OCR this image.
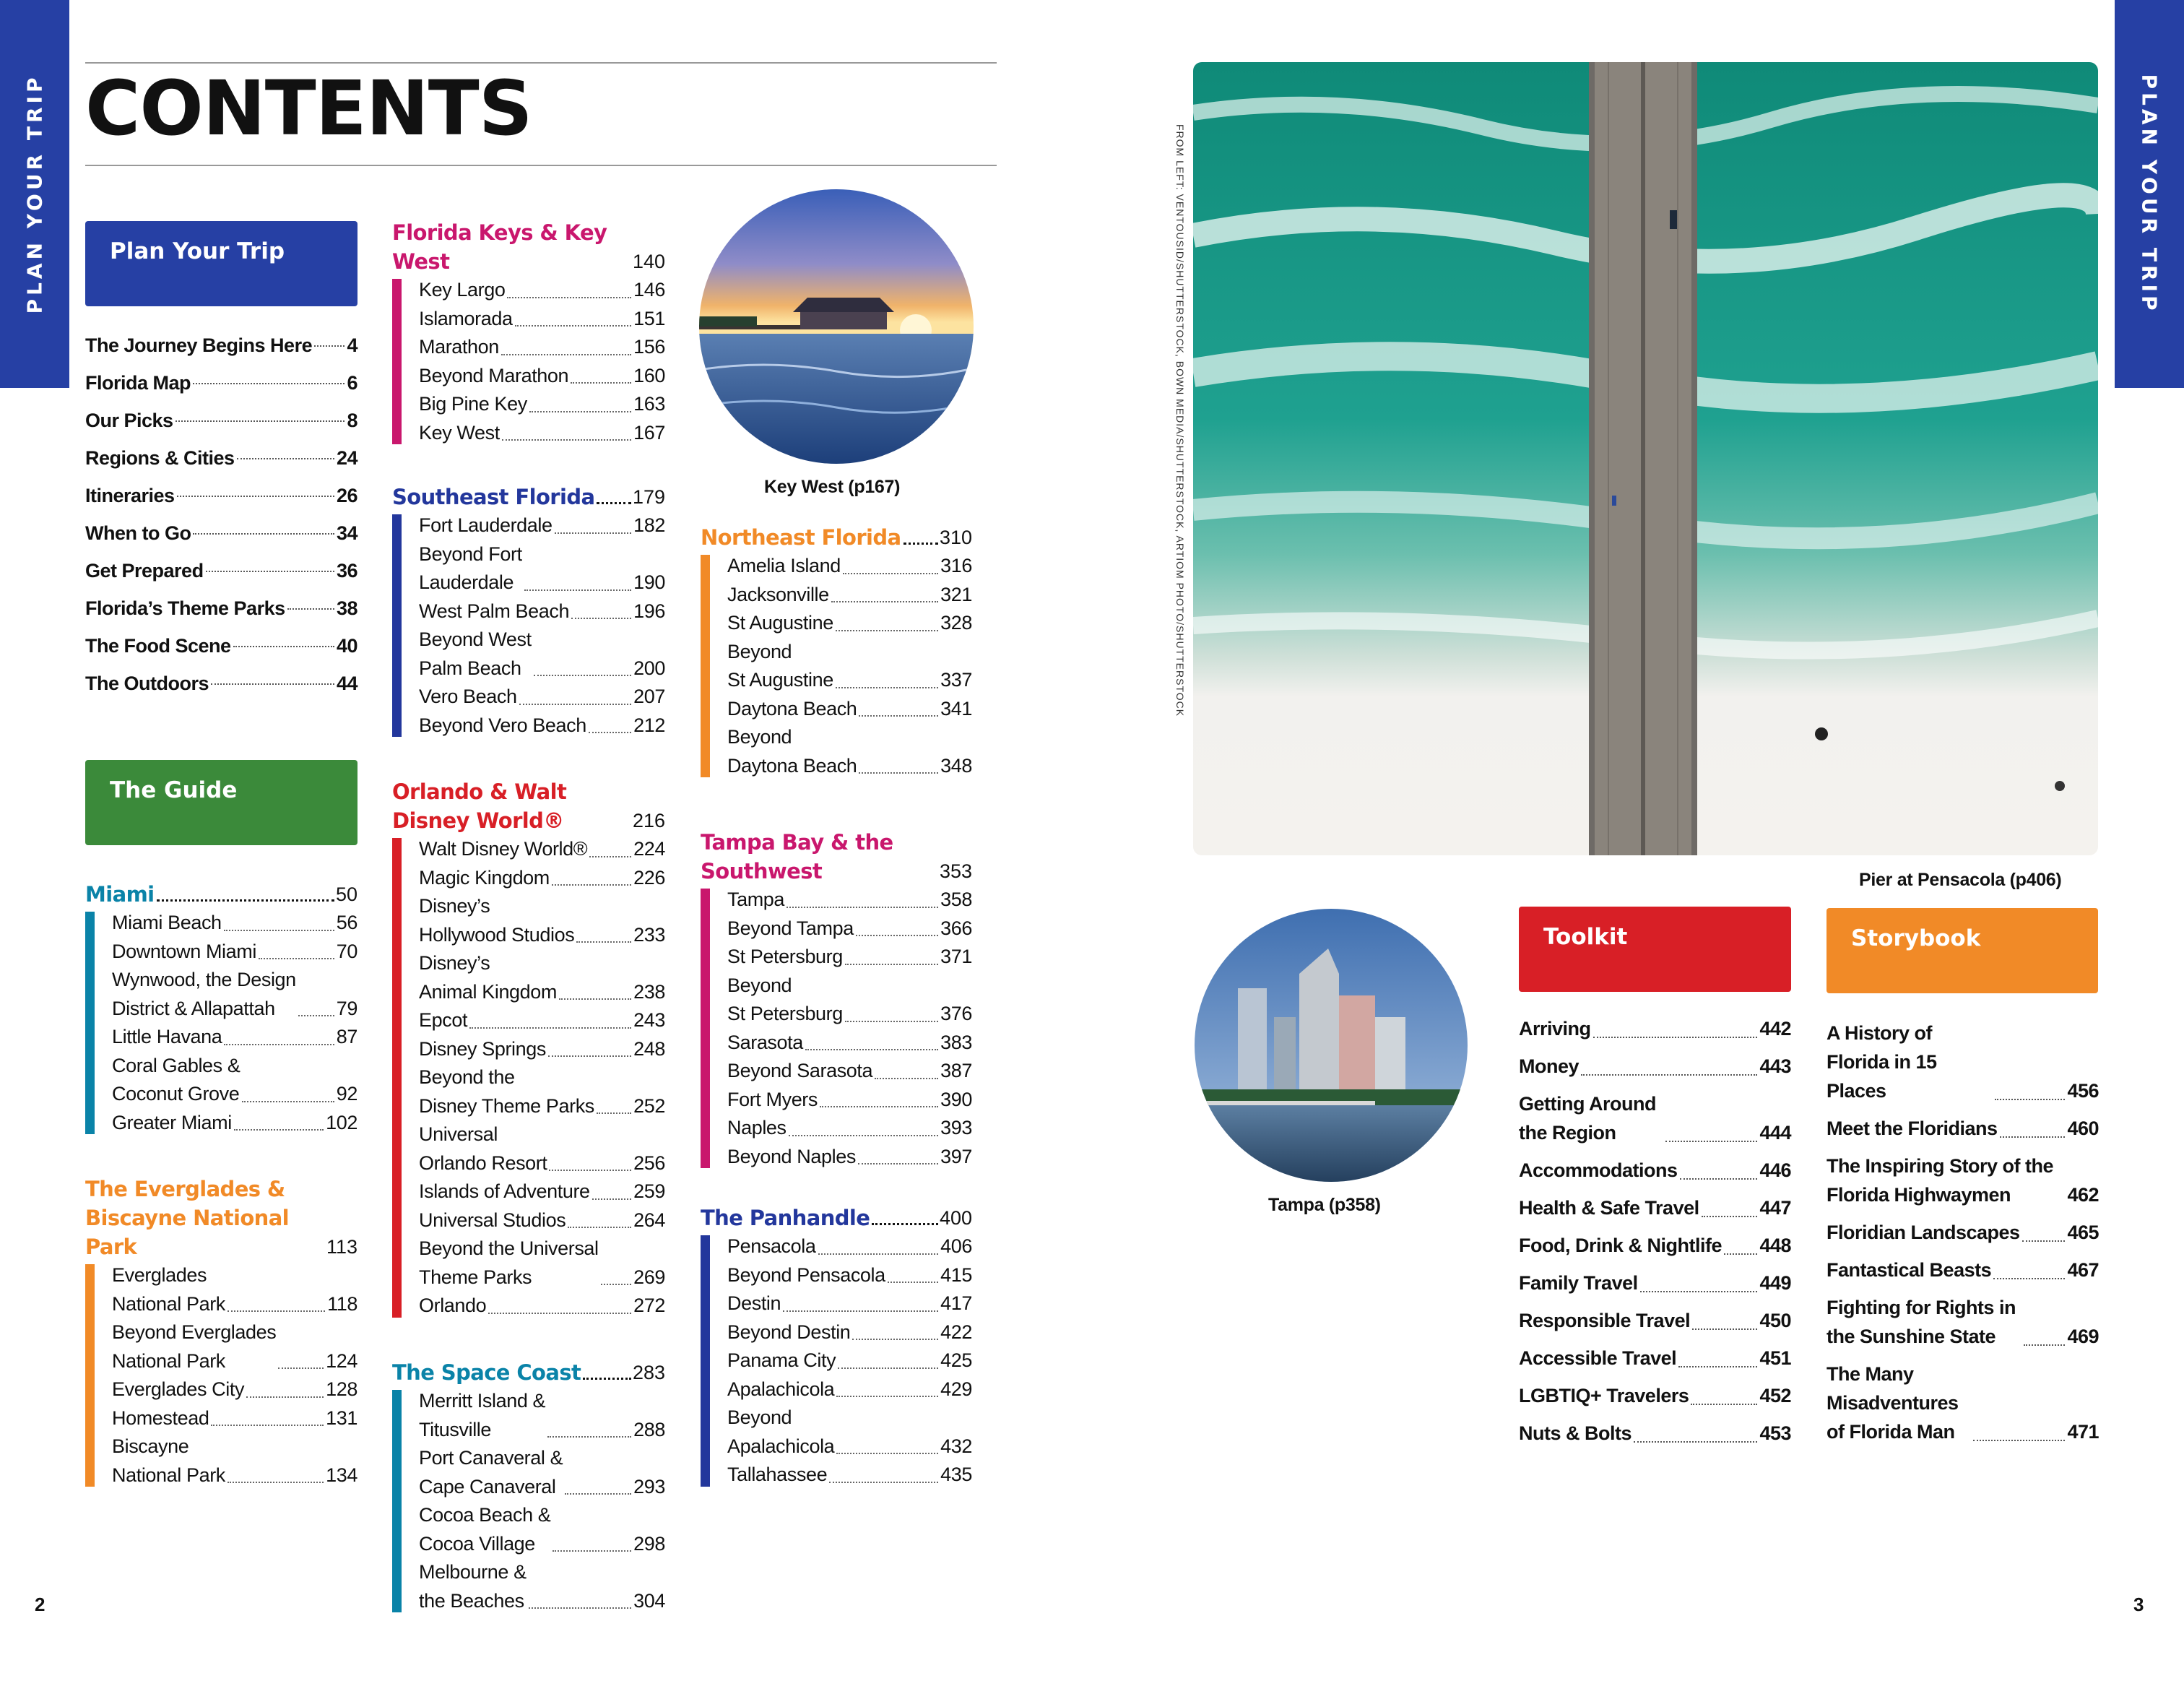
PLAN YOUR TRIP	PLAN YOUR TRIP
CONTENTS
Plan Your Trip
The Journey Begins Here 4
Florida Map	6
Our Picks	8
Regions & Cities	24
Itineraries	26
When to Go	34
Get Prepared	36
Florida’s Theme Parks	38
The Food Scene	40
The Outdoors	44
The Guide
Miami	50
Miami Beach	56
Downtown Miami	70
Wynwood, the Design
District & Allapattah	79
Little Havana	87
Coral Gables &
Coconut Grove	92
Greater Miami	102
The Everglades & Biscayne National Park	113
Everglades
National Park	118
Beyond Everglades
National Park	124
Everglades City	128
Homestead	131
Biscayne
National Park	134
Florida Keys & Key West	140
Key Largo	146
Islamorada	151
Marathon	156
Beyond Marathon	160
Big Pine Key	163
Key West	167
Southeast Florida 179
Fort Lauderdale	182
Beyond Fort
Lauderdale	190
West Palm Beach	196
Beyond West
Palm Beach	200
Vero Beach	207
Beyond Vero Beach 212
Orlando & Walt Disney World®	216
Walt Disney World® 224
Magic Kingdom	226
Disney’s
Hollywood Studios	233
Disney’s
Animal Kingdom	238
Epcot	243
Disney Springs	248
Beyond the
Disney Theme Parks 252
Universal
Orlando Resort	256
Islands of Adventure 259
Universal Studios	264
Beyond the Universal
Theme Parks	269
Orlando	272
The Space Coast	283
Merritt Island &
Titusville	288
Port Canaveral &
Cape Canaveral	293
Cocoa Beach &
Cocoa Village	298
Melbourne &
the Beaches	304
Key West (p167)
Northeast Florida 310
Amelia Island	316
Jacksonville	321
St Augustine	328
Beyond
St Augustine	337
Daytona Beach	341
Beyond
Daytona Beach	348
Tampa Bay & the Southwest	353
Tampa	358
Beyond Tampa	366
St Petersburg	371
Beyond
St Petersburg	376
Sarasota	383
Beyond Sarasota	387
Fort Myers	390
Naples	393
Beyond Naples	397
The Panhandle	400
Pensacola	406
Beyond Pensacola	415
Destin	417
Beyond Destin	422
Panama City	425
Apalachicola	429
Beyond
Apalachicola	432
Tallahassee	435
2
FROM LEFT: VENTOUSID/SHUTTERSTOCK, BOWN MEDIA/SHUTTERSTOCK, ARTIOM PHOTO/SHUTTERSTOCK
Pier at Pensacola (p406)
Tampa (p358)
Toolkit
Arriving	442
Money	443
Getting Around the Region	444
Accommodations	446
Health & Safe Travel	447
Food, Drink & Nightlife 448
Family Travel	449
Responsible Travel	450
Accessible Travel	451
LGBTIQ+ Travelers	452
Nuts & Bolts	453
Storybook
A History of Florida in 15 Places	456
Meet the Floridians	460
The Inspiring Story of the Florida Highwaymen	462
Floridian Landscapes 465
Fantastical Beasts	467
Fighting for Rights in the Sunshine State	469
The Many Misadventures of Florida Man	471
3
